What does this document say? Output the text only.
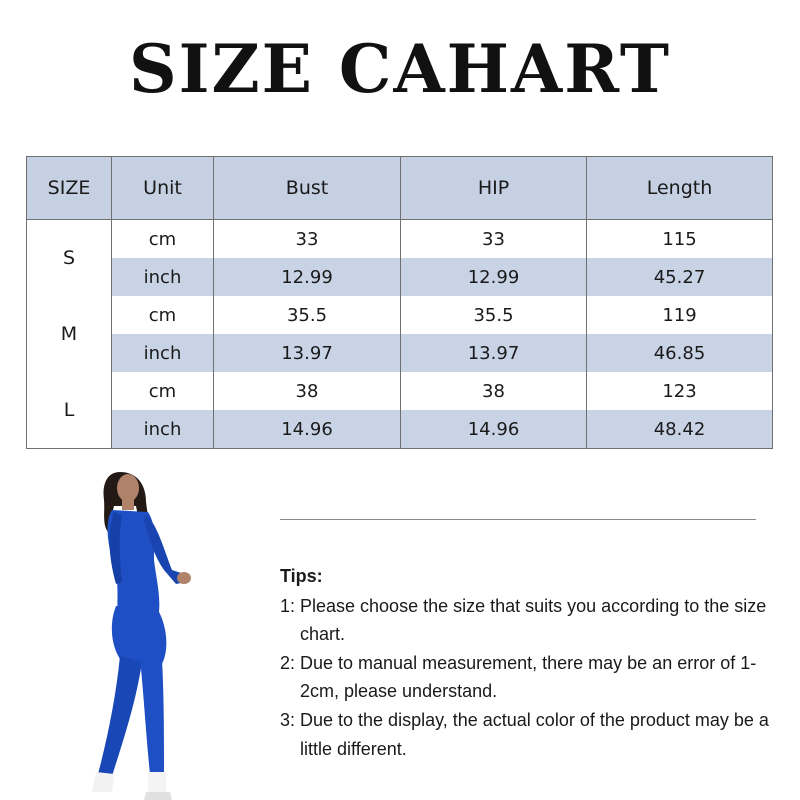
SIZE CAHART
SIZE	Unit	Bust	HIP	Length
S	cm	33	33	115
	inch	12.99	12.99	45.27
M	cm	35.5	35.5	119
	inch	13.97	13.97	46.85
L	cm	38	38	123
	inch	14.96	14.96	48.42
Tips:
1: Please choose the size that suits you according to the size chart.
2: Due to manual measurement, there may be an error of 1-2cm, please understand.
3: Due to the display, the actual color of the product may be a little different.
